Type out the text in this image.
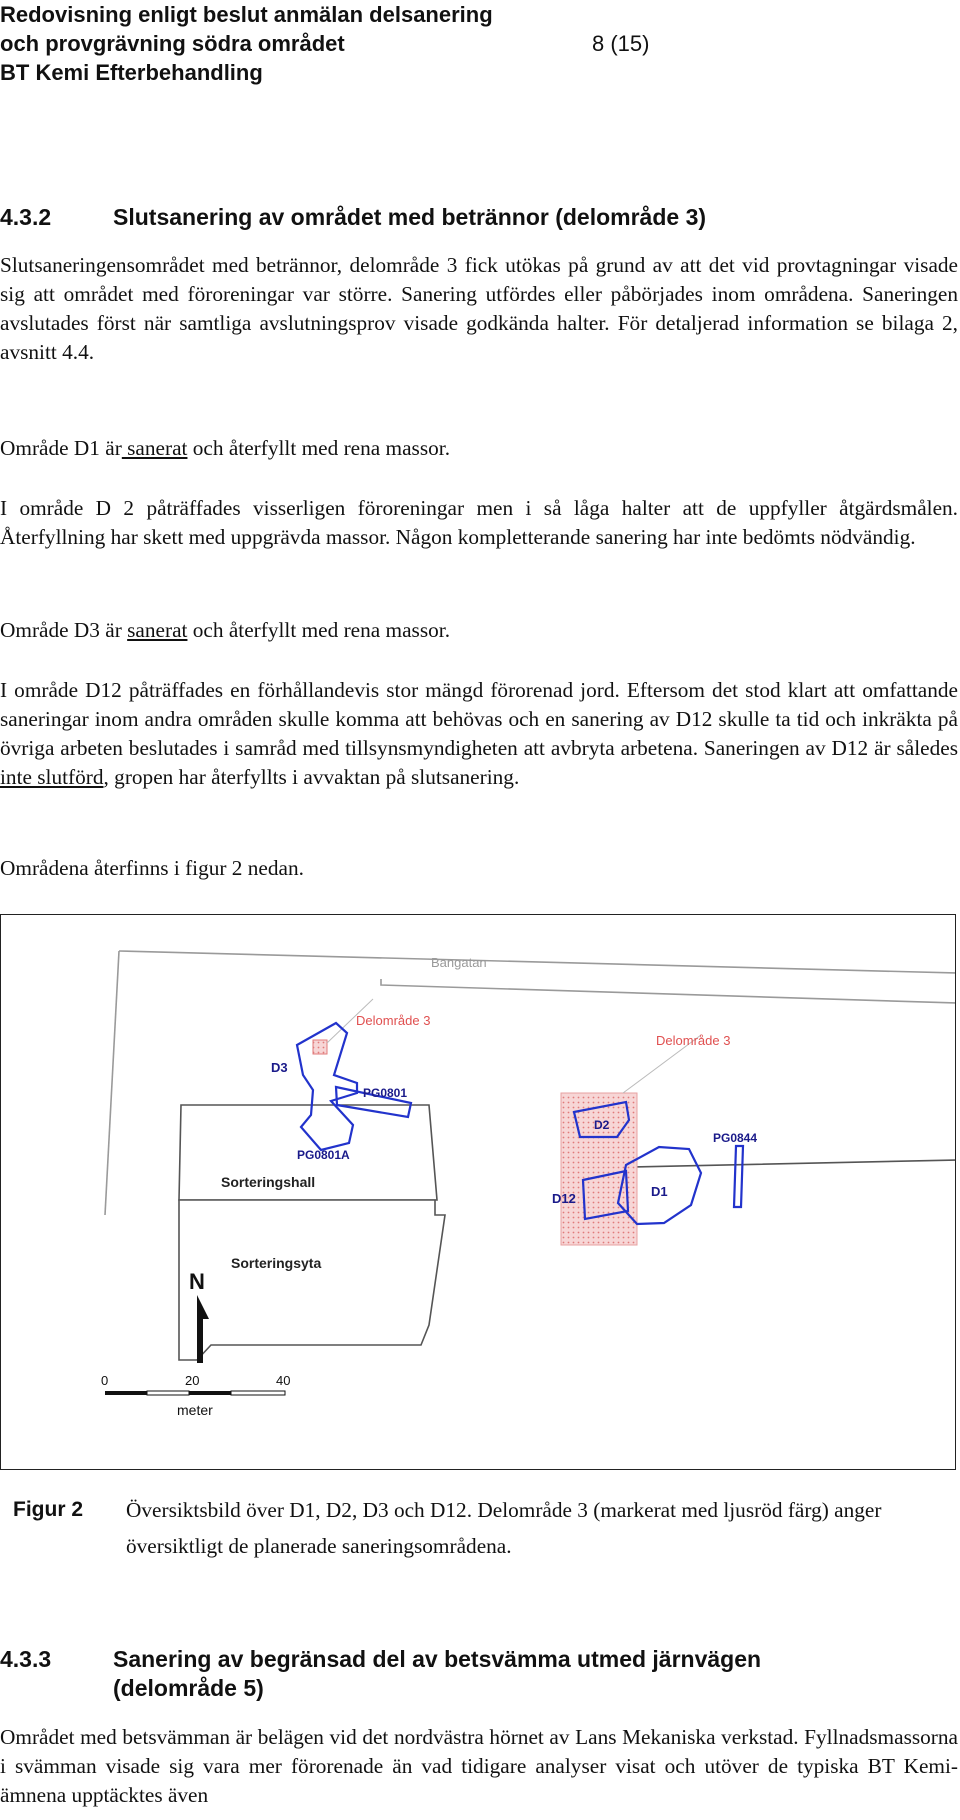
Redovisning enligt beslut anmälan delsanering
och provgrävning södra området
BT Kemi Efterbehandling
8 (15)
4.3.2	Slutsanering av området med betrännor (delområde 3)
Slutsaneringensområdet med betrännor, delområde 3 fick utökas på grund av att det vid provtagningar visade sig att området med föroreningar var större. Sanering utfördes eller påbörjades inom områdena. Saneringen avslutades först när samtliga avslutningsprov visade godkända halter. För detaljerad information se bilaga 2, avsnitt 4.4.
Område D1 är sanerat och återfyllt med rena massor.
I område D 2 påträffades visserligen föroreningar men i så låga halter att de uppfyller åtgärdsmålen. Återfyllning har skett med uppgrävda massor. Någon kompletterande sanering har inte bedömts nödvändig.
Område D3 är sanerat och återfyllt med rena massor.
I område D12 påträffades en förhållandevis stor mängd förorenad jord. Eftersom det stod klart att omfattande saneringar inom andra områden skulle komma att behövas och en sanering av D12 skulle ta tid och inkräkta på övriga arbeten beslutades i samråd med tillsynsmyndigheten att avbryta arbetena. Saneringen av D12 är således inte slutförd, gropen har återfyllts i avvaktan på slutsanering.
Områdena återfinns i figur 2 nedan.
Bangatan
Delområde 3
Delområde 3
D3
PG0801
PG0801A
Sorteringshall
Sorteringsyta
D2
PG0844
D1
D12
N
0	20	40
meter
Figur 2 Översiktsbild över D1, D2, D3 och D12. Delområde 3 (markerat med ljusröd färg) anger översiktligt de planerade saneringsområdena.
4.3.3	Sanering av begränsad del av betsvämma utmed järnvägen
(delområde 5)
Området med betsvämman är belägen vid det nordvästra hörnet av Lans Mekaniska verkstad. Fyllnadsmassorna i svämman visade sig vara mer förorenade än vad tidigare analyser visat och utöver de typiska BT Kemi-ämnena upptäcktes även
